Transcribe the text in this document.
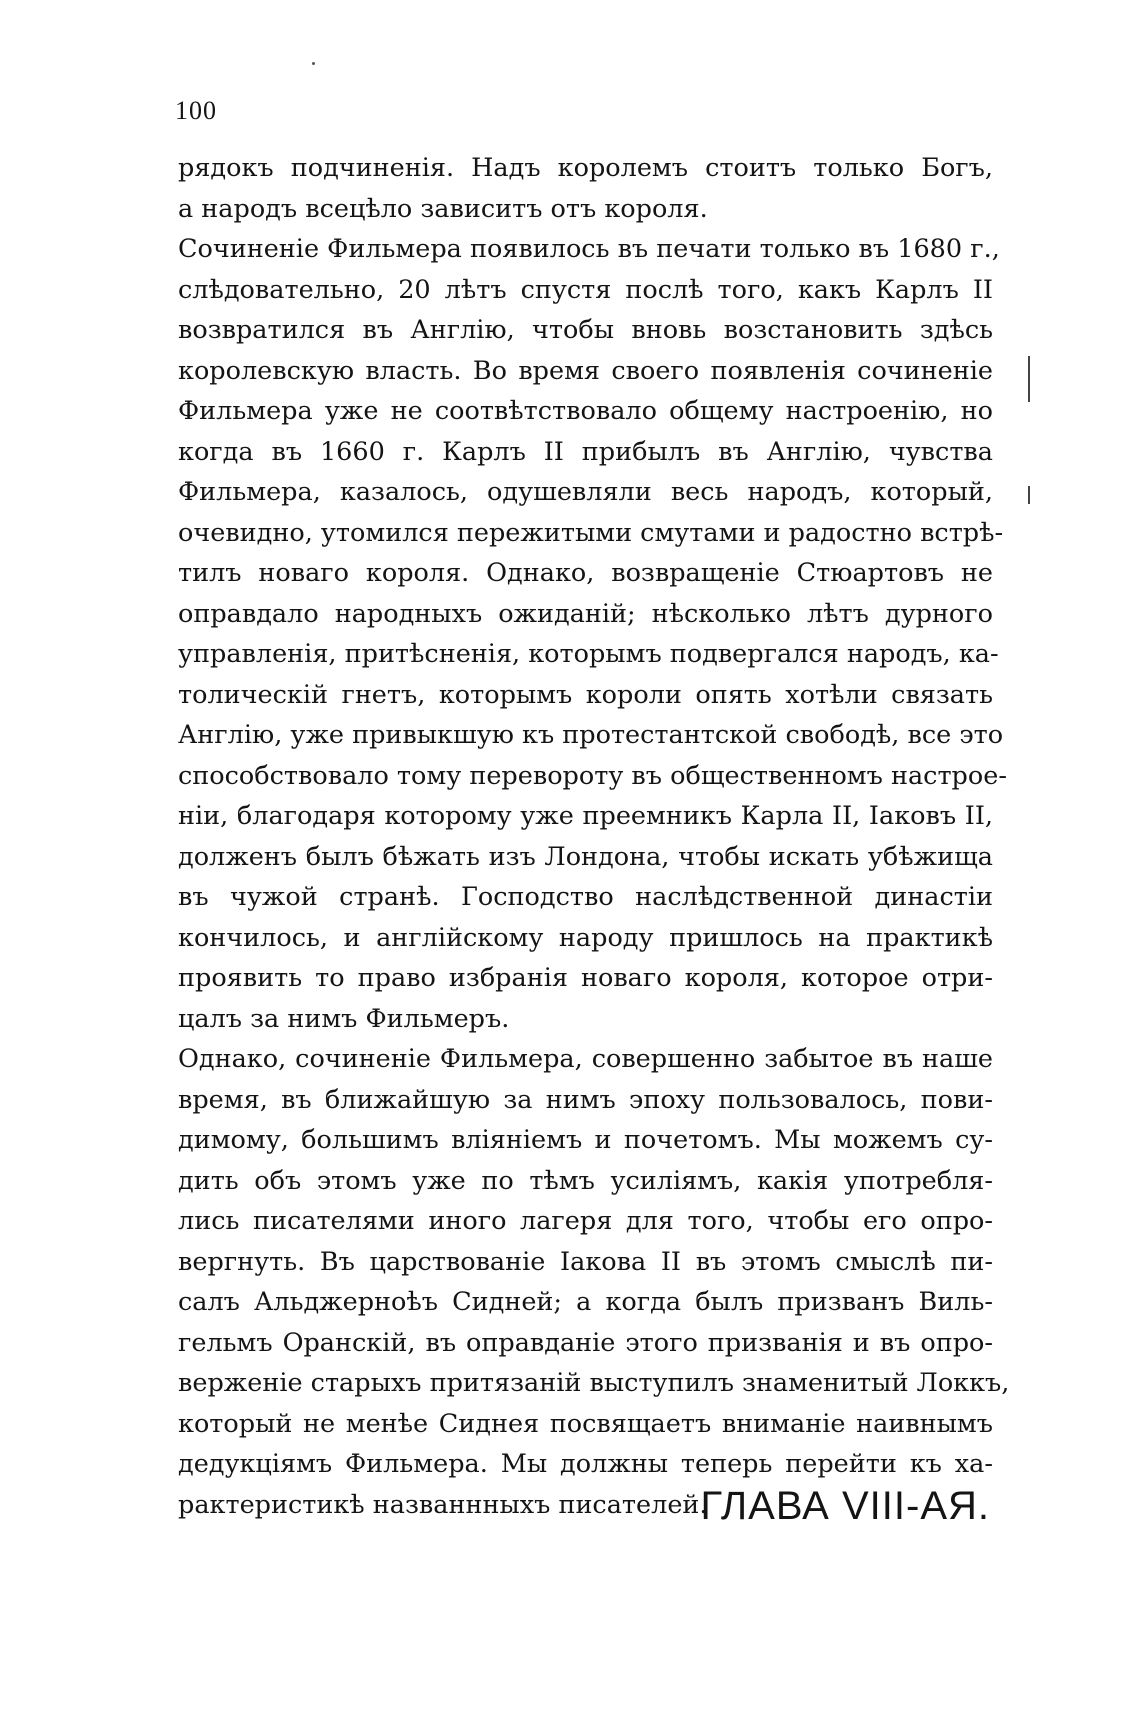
100
рядокъ подчиненія. Надъ королемъ стоитъ только Богъ,
а народъ всецѣло зависитъ отъ короля.
Сочиненіе Фильмера появилось въ печати только въ 1680 г.,
слѣдовательно, 20 лѣтъ спустя послѣ того, какъ Карлъ II
возвратился въ Англію, чтобы вновь возстановить здѣсь
королевскую власть. Во время своего появленія сочиненіе
Фильмера уже не соотвѣтствовало общему настроенію, но
когда въ 1660 г. Карлъ II прибылъ въ Англію, чувства
Фильмера, казалось, одушевляли весь народъ, который,
очевидно, утомился пережитыми смутами и радостно встрѣ-
тилъ новаго короля. Однако, возвращеніе Стюартовъ не
оправдало народныхъ ожиданій; нѣсколько лѣтъ дурного
управленія, притѣсненія, которымъ подвергался народъ, ка-
толическій гнетъ, которымъ короли опять хотѣли связать
Англію, уже привыкшую къ протестантской свободѣ, все это
способствовало тому перевороту въ общественномъ настрое-
ніи, благодаря которому уже преемникъ Карла II, Іаковъ II,
долженъ былъ бѣжать изъ Лондона, чтобы искать убѣжища
въ чужой странѣ. Господство наслѣдственной династіи
кончилось, и англійскому народу пришлось на практикѣ
проявить то право избранія новаго короля, которое отри-
цалъ за нимъ Фильмеръ.
Однако, сочиненіе Фильмера, совершенно забытое въ наше
время, въ ближайшую за нимъ эпоху пользовалось, пови-
димому, большимъ вліяніемъ и почетомъ. Мы можемъ су-
дить объ этомъ уже по тѣмъ усиліямъ, какія употребля-
лись писателями иного лагеря для того, чтобы его опро-
вергнуть. Въ царствованіе Іакова II въ этомъ смыслѣ пи-
салъ Альджерноѣъ Сидней; а когда былъ призванъ Виль-
гельмъ Оранскій, въ оправданіе этого призванія и въ опро-
верженіе старыхъ притязаній выступилъ знаменитый Локкъ,
который не менѣе Сиднея посвящаетъ вниманіе наивнымъ
дедукціямъ Фильмера. Мы должны теперь перейти къ ха-
рактеристикѣ названнныхъ писателей.
ГЛАВА VIII-АЯ.
